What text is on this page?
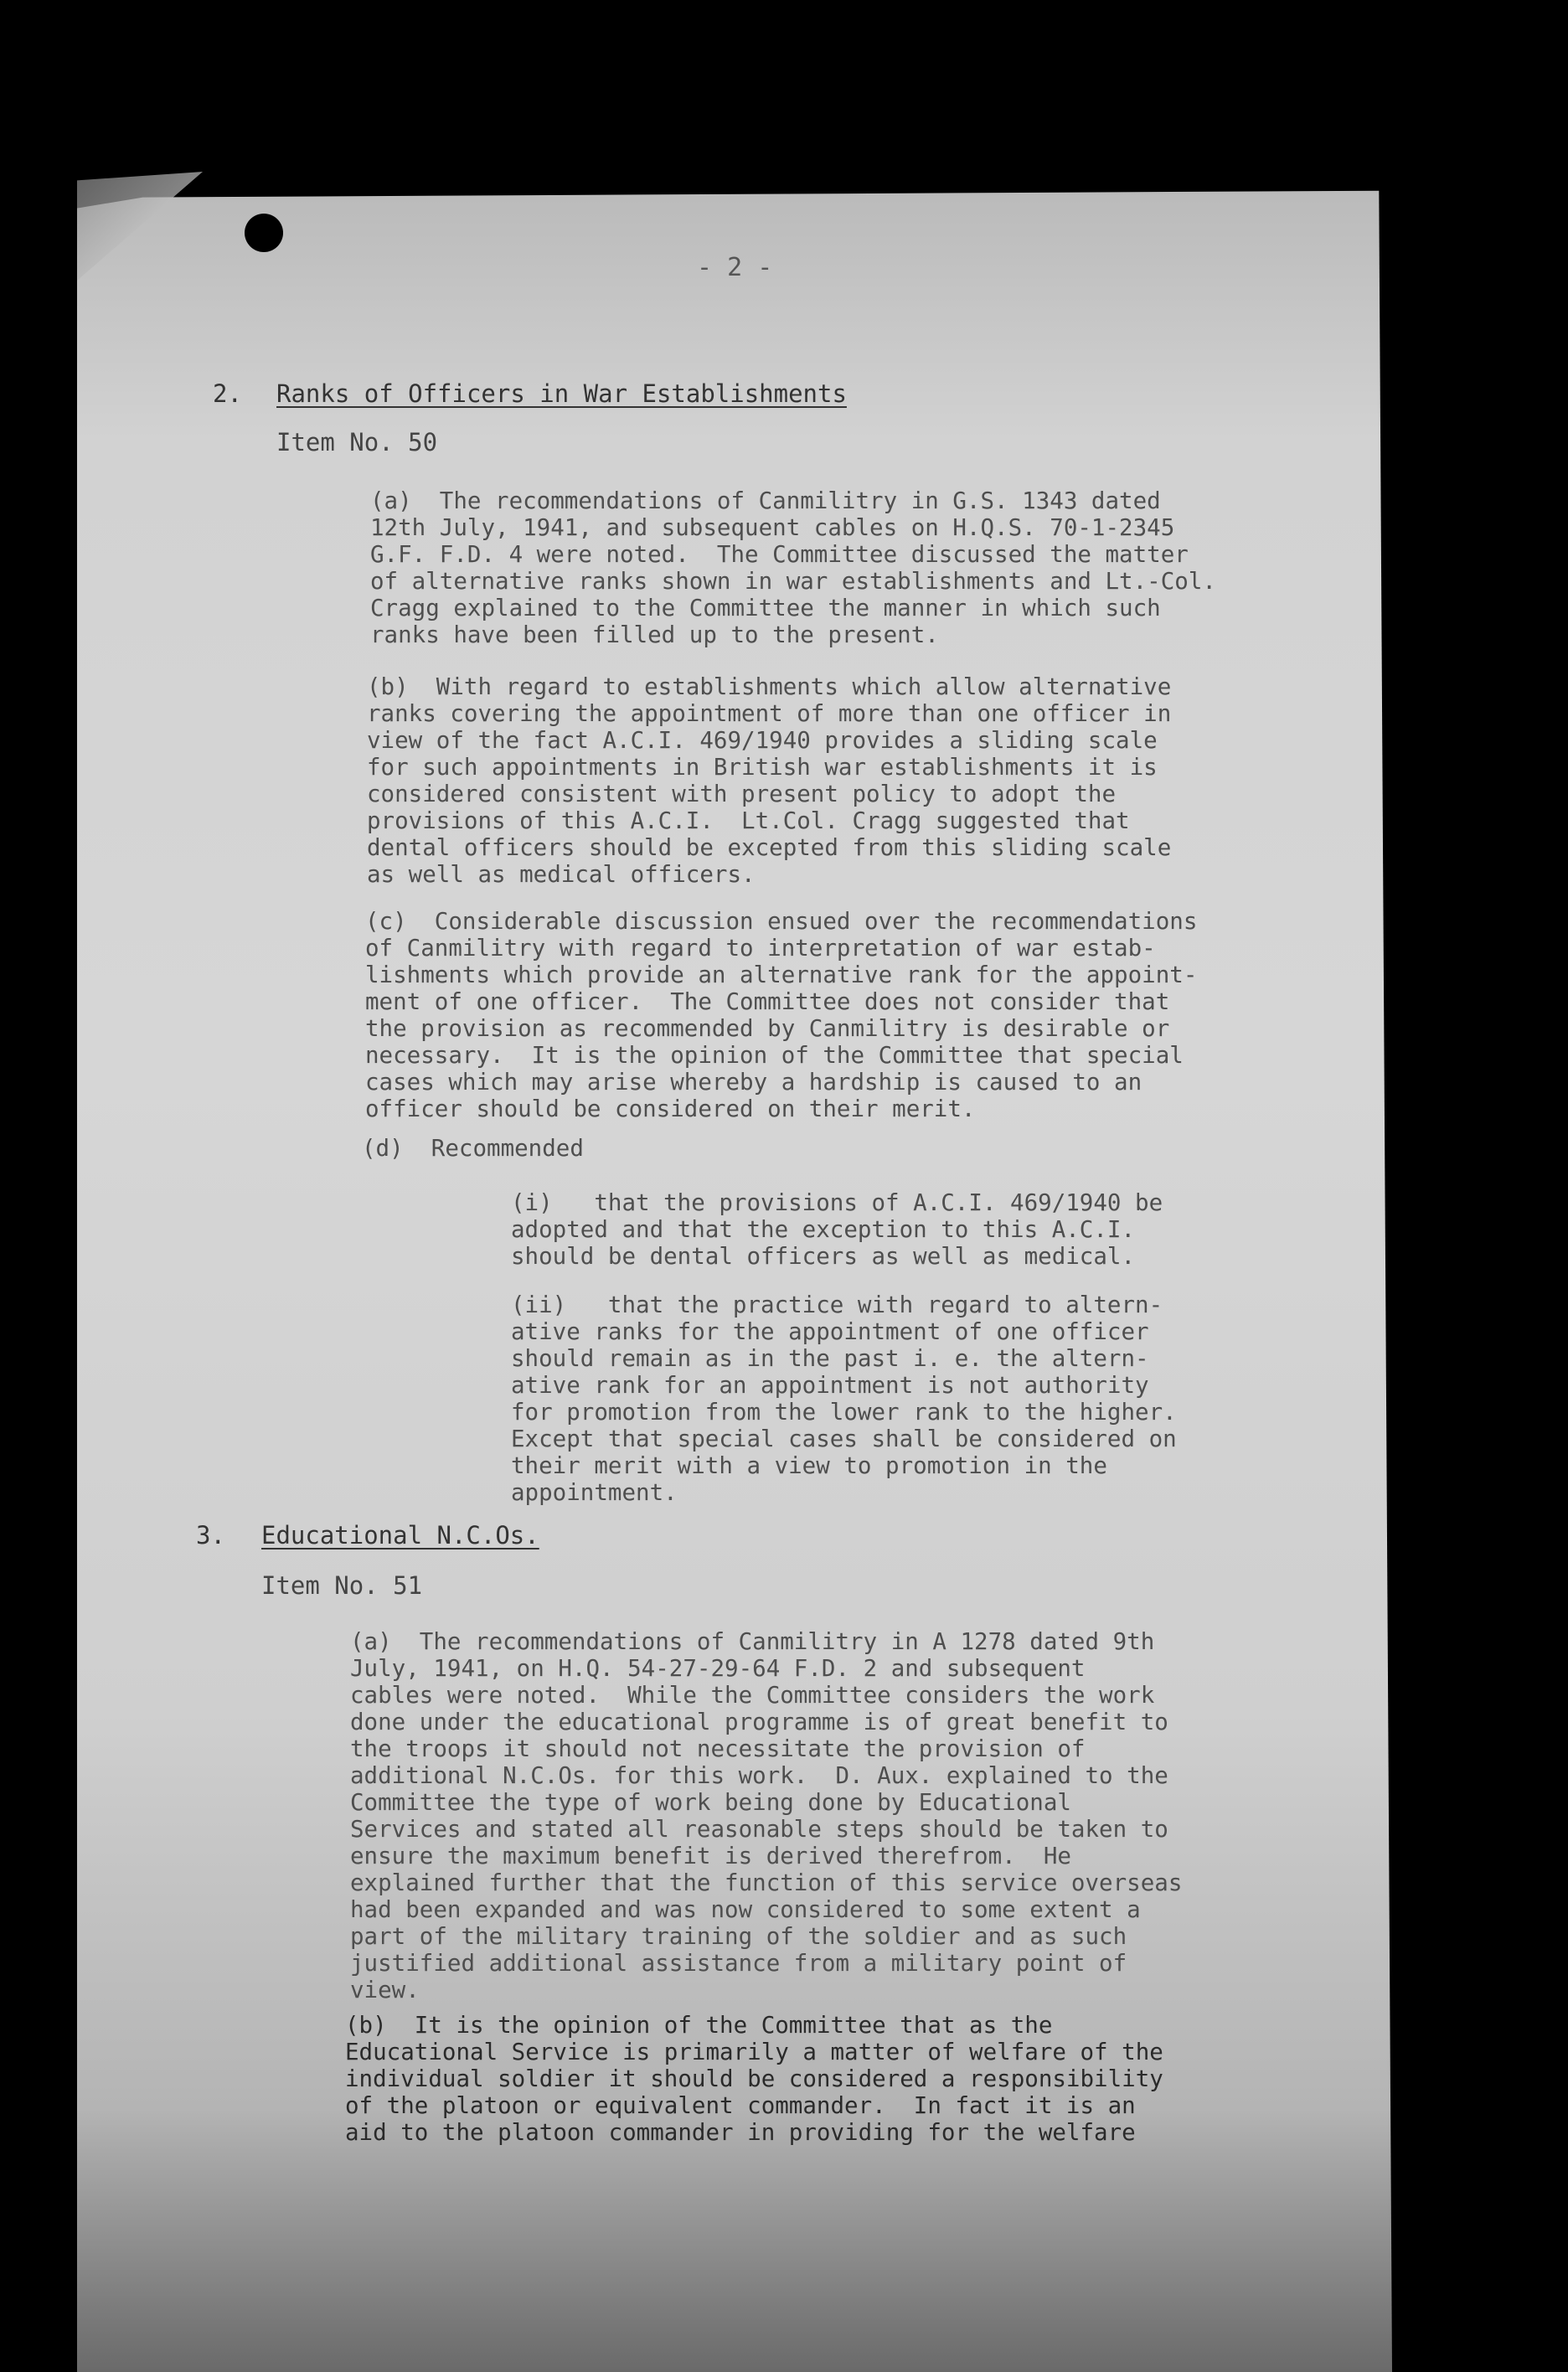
- 2 -
2. Ranks of Officers in War Establishments
Item No. 50
(a)  The recommendations of Canmilitry in G.S. 1343 dated
12th July, 1941, and subsequent cables on H.Q.S. 70-1-2345
G.F. F.D. 4 were noted.  The Committee discussed the matter
of alternative ranks shown in war establishments and Lt.-Col.
Cragg explained to the Committee the manner in which such
ranks have been filled up to the present.
(b)  With regard to establishments which allow alternative
ranks covering the appointment of more than one officer in
view of the fact A.C.I. 469/1940 provides a sliding scale
for such appointments in British war establishments it is
considered consistent with present policy to adopt the
provisions of this A.C.I.  Lt.Col. Cragg suggested that
dental officers should be excepted from this sliding scale
as well as medical officers.
(c)  Considerable discussion ensued over the recommendations
of Canmilitry with regard to interpretation of war estab-
lishments which provide an alternative rank for the appoint-
ment of one officer.  The Committee does not consider that
the provision as recommended by Canmilitry is desirable or
necessary.  It is the opinion of the Committee that special
cases which may arise whereby a hardship is caused to an
officer should be considered on their merit.
(d)  Recommended
(i)   that the provisions of A.C.I. 469/1940 be
adopted and that the exception to this A.C.I.
should be dental officers as well as medical.
(ii)   that the practice with regard to altern-
ative ranks for the appointment of one officer
should remain as in the past i. e. the altern-
ative rank for an appointment is not authority
for promotion from the lower rank to the higher.
Except that special cases shall be considered on
their merit with a view to promotion in the
appointment.
3. Educational N.C.Os.
Item No. 51
(a)  The recommendations of Canmilitry in A 1278 dated 9th
July, 1941, on H.Q. 54-27-29-64 F.D. 2 and subsequent
cables were noted.  While the Committee considers the work
done under the educational programme is of great benefit to
the troops it should not necessitate the provision of
additional N.C.Os. for this work.  D. Aux. explained to the
Committee the type of work being done by Educational
Services and stated all reasonable steps should be taken to
ensure the maximum benefit is derived therefrom.  He
explained further that the function of this service overseas
had been expanded and was now considered to some extent a
part of the military training of the soldier and as such
justified additional assistance from a military point of
view.
(b)  It is the opinion of the Committee that as the
Educational Service is primarily a matter of welfare of the
individual soldier it should be considered a responsibility
of the platoon or equivalent commander.  In fact it is an
aid to the platoon commander in providing for the welfare
